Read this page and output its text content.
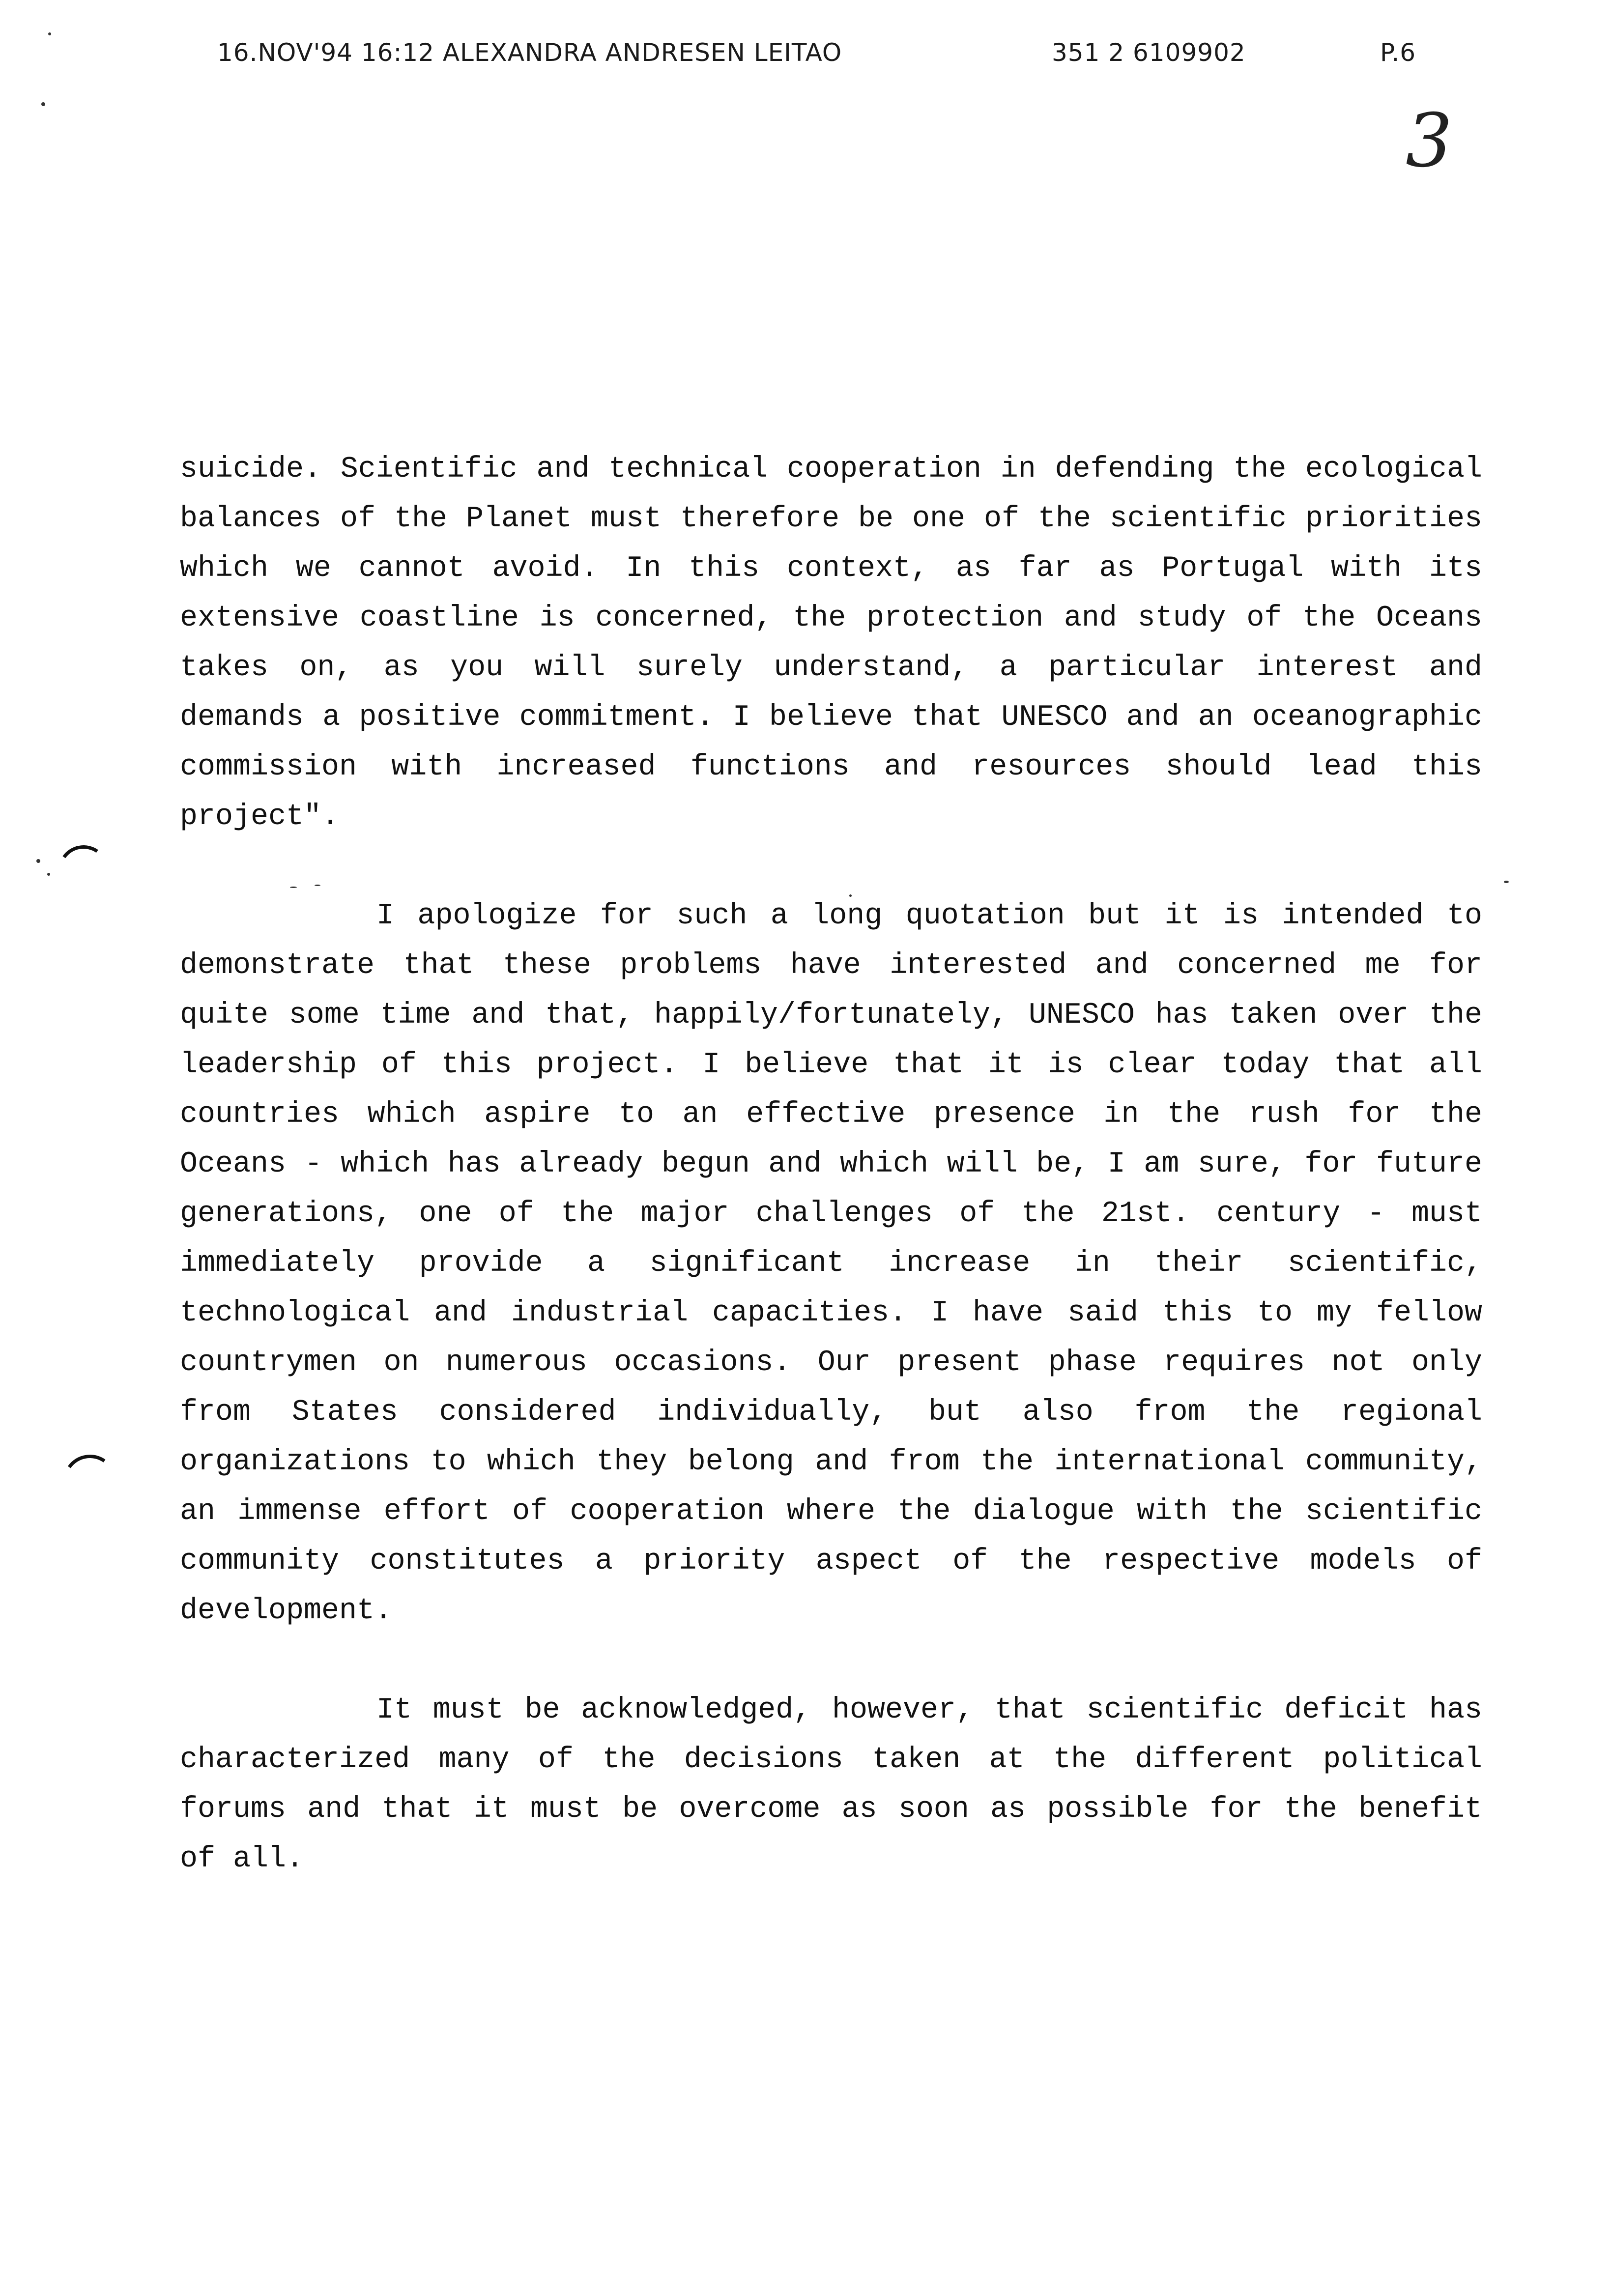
16.NOV'94 16:12 ALEXANDRA ANDRESEN LEITAO	351 2 6109902	P.6
3

suicide. Scientific and technical cooperation in defending the ecological balances of the Planet must therefore be one of the scientific priorities which we cannot avoid. In this context, as far as Portugal with its extensive coastline is concerned, the protection and study of the Oceans takes on, as you will surely understand, a particular interest and demands a positive commitment. I believe that UNESCO and an oceanographic commission with increased functions and resources should lead this project".

I apologize for such a long quotation but it is intended to demonstrate that these problems have interested and concerned me for quite some time and that, happily/fortunately, UNESCO has taken over the leadership of this project. I believe that it is clear today that all countries which aspire to an effective presence in the rush for the Oceans - which has already begun and which will be, I am sure, for future generations, one of the major challenges of the 21st. century - must immediately provide a significant increase in their scientific, technological and industrial capacities. I have said this to my fellow countrymen on numerous occasions. Our present phase requires not only from States considered individually, but also from the regional organizations to which they belong and from the international community, an immense effort of cooperation where the dialogue with the scientific community constitutes a priority aspect of the respective models of development.

It must be acknowledged, however, that scientific deficit has characterized many of the decisions taken at the different political forums and that it must be overcome as soon as possible for the benefit of all.
